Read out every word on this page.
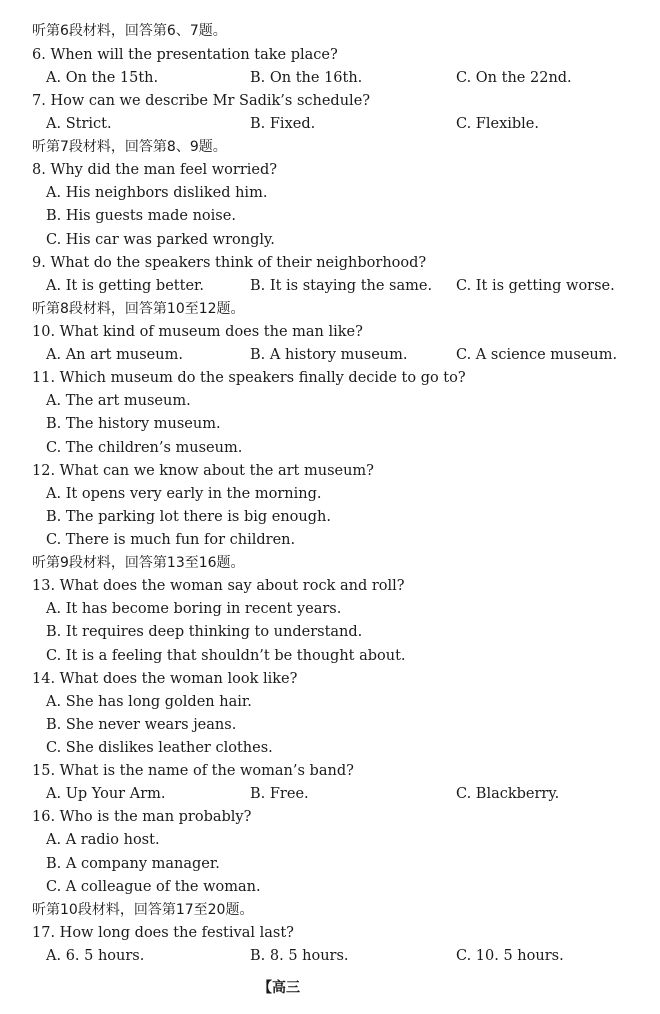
听第6段材料，回答第6、7题。
6. When will the presentation take place?
A. On the 15th.	B. On the 16th.	C. On the 22nd.
7. How can we describe Mr Sadik’s schedule?
A. Strict.	B. Fixed.	C. Flexible.
听第7段材料，回答第8、9题。
8. Why did the man feel worried?
A. His neighbors disliked him.
B. His guests made noise.
C. His car was parked wrongly.
9. What do the speakers think of their neighborhood?
A. It is getting better.	B. It is staying the same. C. It is getting worse.
听第8段材料，回答第10至12题。
10. What kind of museum does the man like?
A. An art museum.	B. A history museum.	C. A science museum.
11. Which museum do the speakers finally decide to go to?
A. The art museum.
B. The history museum.
C. The children’s museum.
12. What can we know about the art museum?
A. It opens very early in the morning.
B. The parking lot there is big enough.
C. There is much fun for children.
听第9段材料，回答第13至16题。
13. What does the woman say about rock and roll?
A. It has become boring in recent years.
B. It requires deep thinking to understand.
C. It is a feeling that shouldn’t be thought about.
14. What does the woman look like?
A. She has long golden hair.
B. She never wears jeans.
C. She dislikes leather clothes.
15. What is the name of the woman’s band?
A. Up Your Arm.	B. Free.	C. Blackberry.
16. Who is the man probably?
A. A radio host.
B. A company manager.
C. A colleague of the woman.
听第10段材料，回答第17至20题。
17. How long does the festival last?
A. 6. 5 hours.	B. 8. 5 hours.	C. 10. 5 hours.
【高三
